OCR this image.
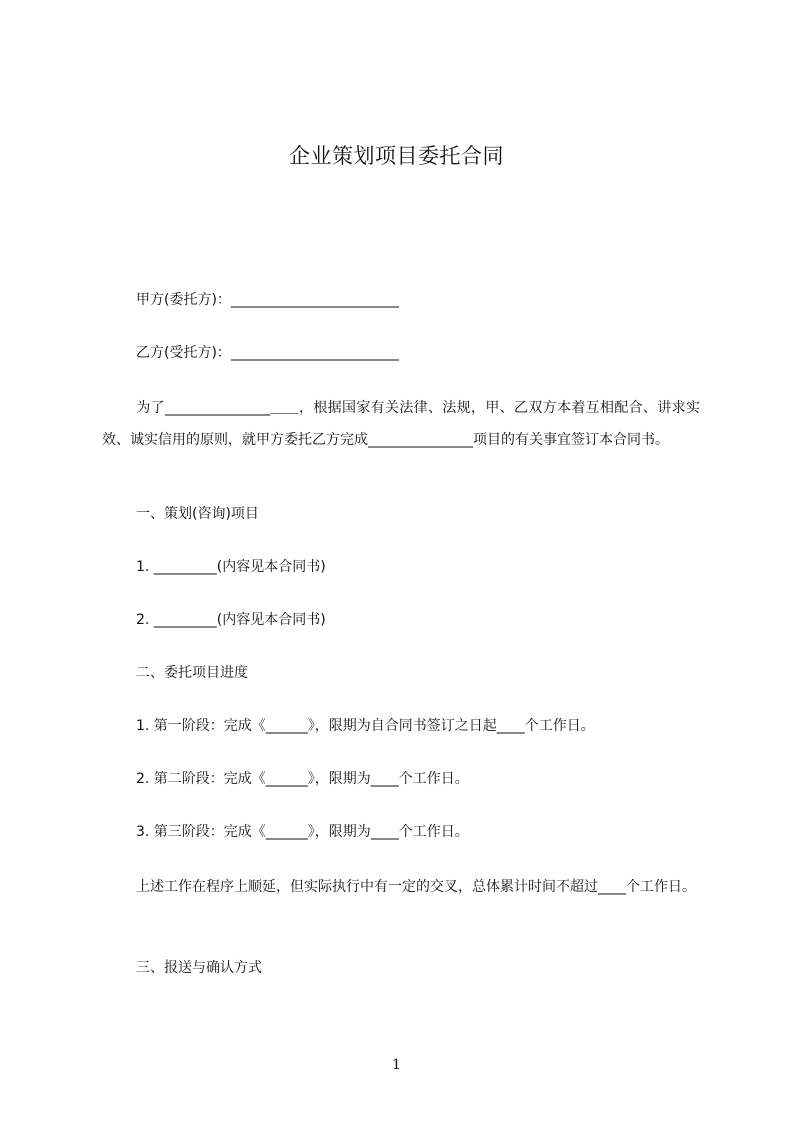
企业策划项目委托合同
甲方(委托方)：________________________
乙方(受托方)：________________________

为了_______________＿＿，根据国家有关法律、法规，甲、乙双方本着互相配合、讲求实效、诚实信用的原则，就甲方委托乙方完成_______________项目的有关事宜签订本合同书。

一、策划(咨询)项目
1. _________(内容见本合同书)
2. _________(内容见本合同书)
二、委托项目进度
1. 第一阶段：完成《______》，限期为自合同书签订之日起____个工作日。
2. 第二阶段：完成《______》，限期为____个工作日。
3. 第三阶段：完成《______》，限期为____个工作日。

上述工作在程序上顺延，但实际执行中有一定的交叉，总体累计时间不超过____个工作日。

三、报送与确认方式
1
